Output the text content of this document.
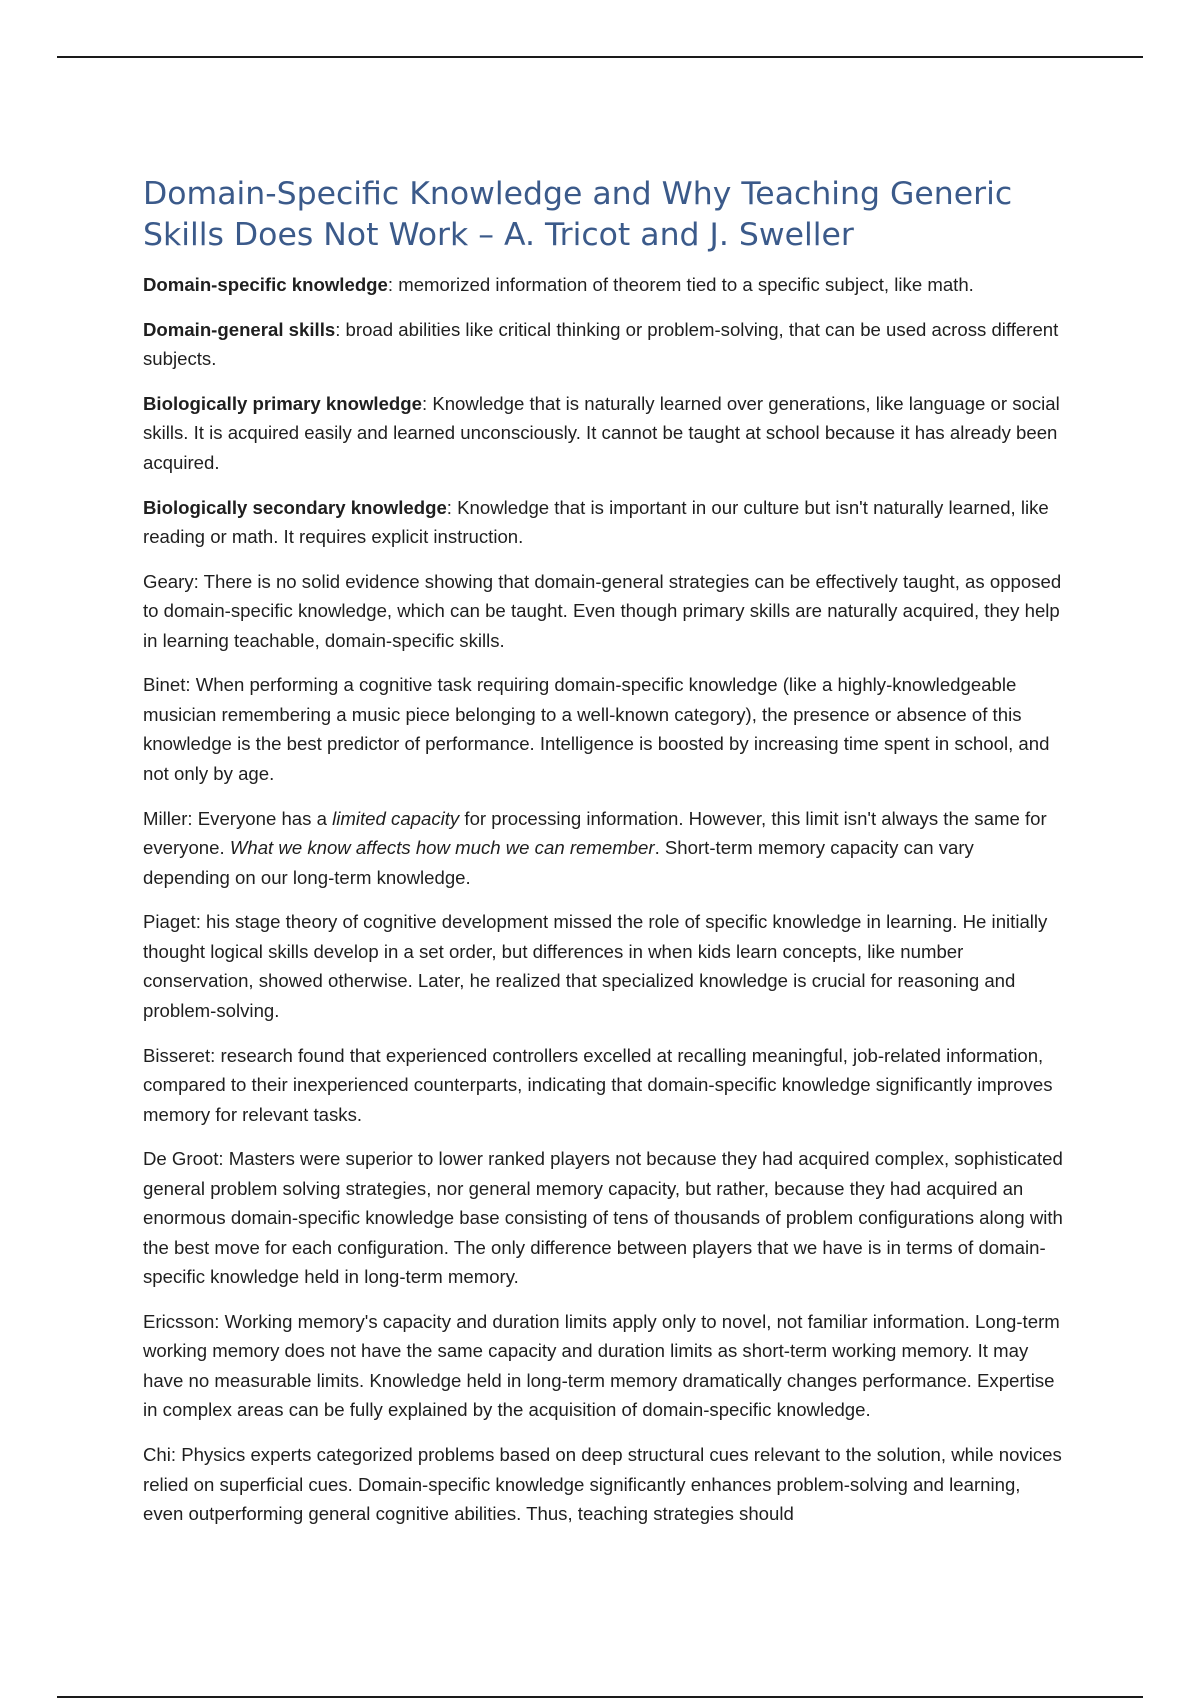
Domain-Specific Knowledge and Why Teaching Generic Skills Does Not Work – A. Tricot and J. Sweller

Domain-specific knowledge: memorized information of theorem tied to a specific subject, like math.

Domain-general skills: broad abilities like critical thinking or problem-solving, that can be used across different subjects.

Biologically primary knowledge: Knowledge that is naturally learned over generations, like language or social skills. It is acquired easily and learned unconsciously. It cannot be taught at school because it has already been acquired.

Biologically secondary knowledge: Knowledge that is important in our culture but isn't naturally learned, like reading or math. It requires explicit instruction.

Geary: There is no solid evidence showing that domain-general strategies can be effectively taught, as opposed to domain-specific knowledge, which can be taught. Even though primary skills are naturally acquired, they help in learning teachable, domain-specific skills.

Binet: When performing a cognitive task requiring domain-specific knowledge (like a highly-knowledgeable musician remembering a music piece belonging to a well-known category), the presence or absence of this knowledge is the best predictor of performance. Intelligence is boosted by increasing time spent in school, and not only by age.

Miller: Everyone has a limited capacity for processing information. However, this limit isn't always the same for everyone. What we know affects how much we can remember. Short-term memory capacity can vary depending on our long-term knowledge.

Piaget: his stage theory of cognitive development missed the role of specific knowledge in learning. He initially thought logical skills develop in a set order, but differences in when kids learn concepts, like number conservation, showed otherwise. Later, he realized that specialized knowledge is crucial for reasoning and problem-solving.

Bisseret: research found that experienced controllers excelled at recalling meaningful, job-related information, compared to their inexperienced counterparts, indicating that domain-specific knowledge significantly improves memory for relevant tasks.

De Groot: Masters were superior to lower ranked players not because they had acquired complex, sophisticated general problem solving strategies, nor general memory capacity, but rather, because they had acquired an enormous domain-specific knowledge base consisting of tens of thousands of problem configurations along with the best move for each configuration. The only difference between players that we have is in terms of domain-specific knowledge held in long-term memory.

Ericsson: Working memory's capacity and duration limits apply only to novel, not familiar information. Long-term working memory does not have the same capacity and duration limits as short-term working memory. It may have no measurable limits. Knowledge held in long-term memory dramatically changes performance. Expertise in complex areas can be fully explained by the acquisition of domain-specific knowledge.

Chi: Physics experts categorized problems based on deep structural cues relevant to the solution, while novices relied on superficial cues. Domain-specific knowledge significantly enhances problem-solving and learning, even outperforming general cognitive abilities. Thus, teaching strategies should
